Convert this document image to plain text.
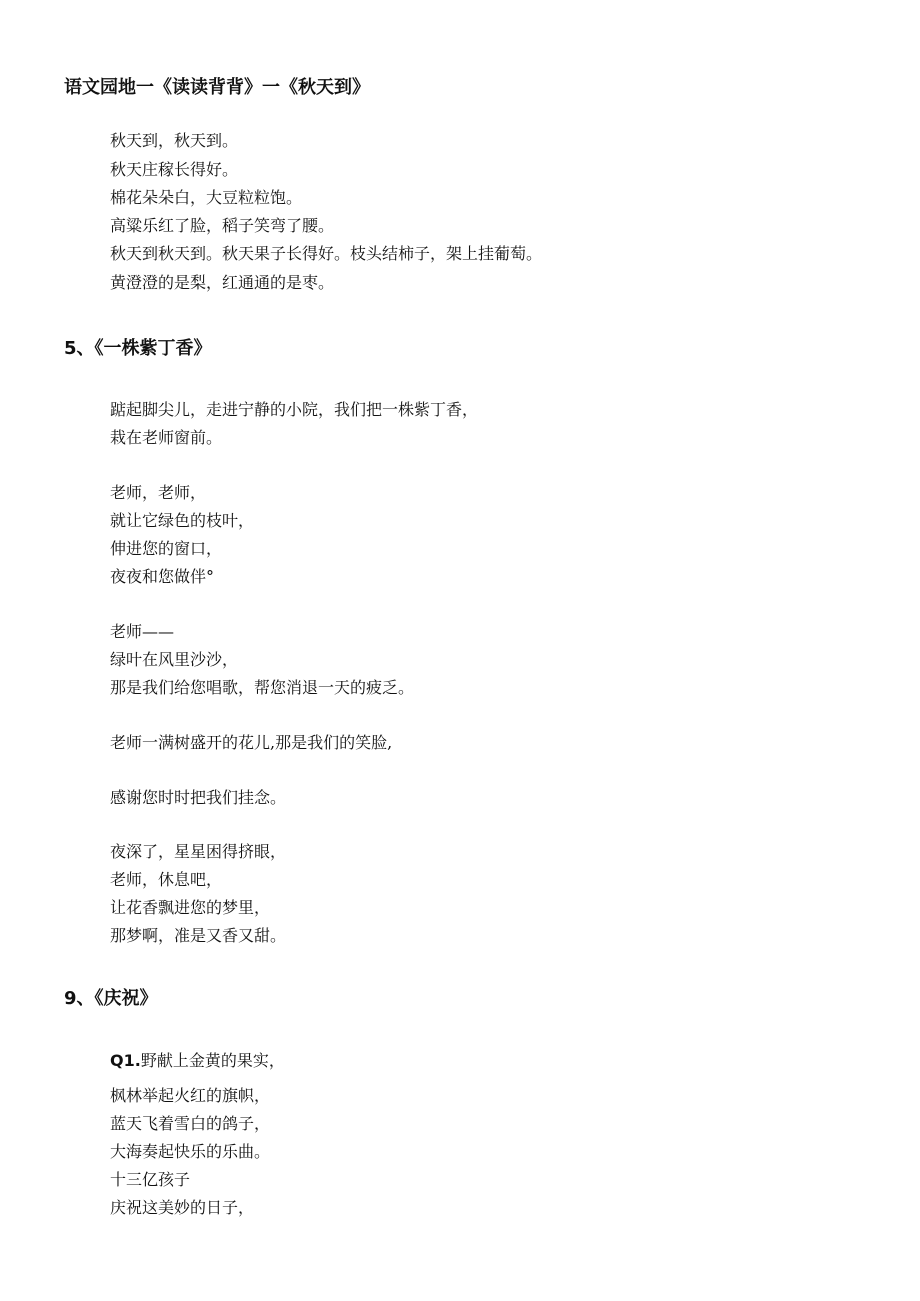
语文园地一《读读背背》一《秋天到》

秋天到，秋天到。

秋天庄稼长得好。

棉花朵朵白，大豆粒粒饱。

高粱乐红了脸，稻子笑弯了腰。

秋天到秋天到。秋天果子长得好。枝头结柿子，架上挂葡萄。

黄澄澄的是梨，红通通的是枣。

5、《一株紫丁香》

踮起脚尖儿，走进宁静的小院，我们把一株紫丁香，

栽在老师窗前。

老师，老师，

就让它绿色的枝叶，

伸进您的窗口，

夜夜和您做伴°

老师——

绿叶在风里沙沙，

那是我们给您唱歌，帮您消退一天的疲乏。

老师一满树盛开的花儿,那是我们的笑脸,

感谢您时时把我们挂念。

夜深了，星星困得挤眼，

老师，休息吧，

让花香飘进您的梦里，

那梦啊，准是又香又甜。

9、《庆祝》

Q1.野献上金黄的果实，

枫林举起火红的旗帜，

蓝天飞着雪白的鸽子，

大海奏起快乐的乐曲。

十三亿孩子

庆祝这美妙的日子，
